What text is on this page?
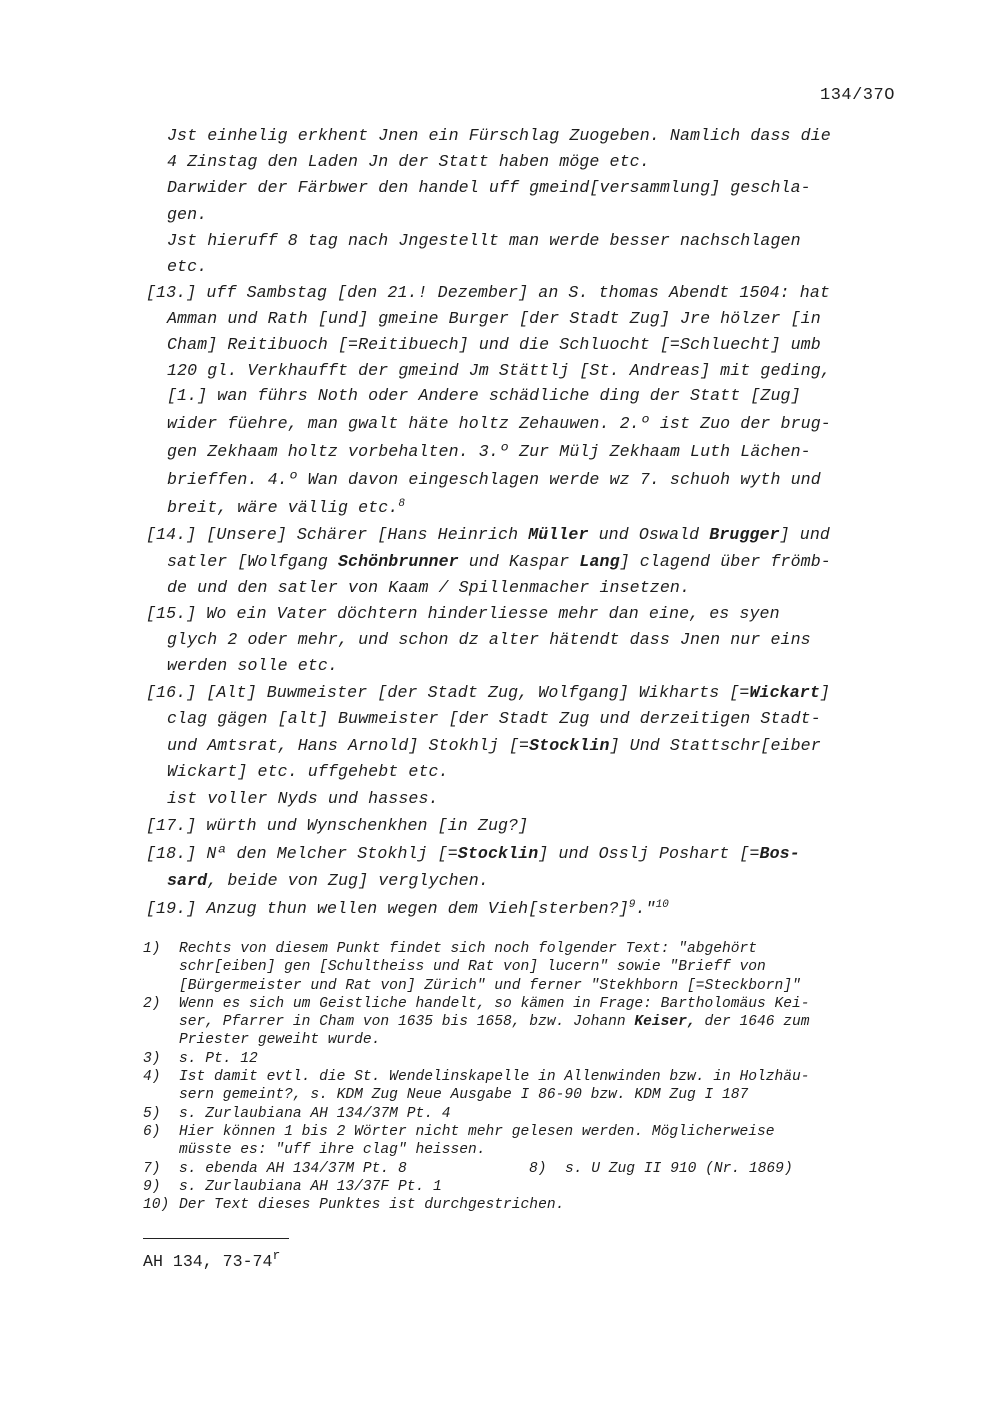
134/37O
Jst einhelig erkhent Jnen ein Fürschlag Zuogeben. Namlich dass die
4 Zinstag den Laden Jn der Statt haben möge etc.
Darwider der Färbwer den handel uff gmeind[versammlung] geschla-
gen.
Jst hieruff 8 tag nach Jngestellt man werde besser nachschlagen
etc.
[13.] uff Sambstag [den 21.! Dezember] an S. thomas Abendt 1504: hat
Amman und Rath [und] gmeine Burger [der Stadt Zug] Jre hölzer [in
Cham] Reitibuoch [=Reitibuech] und die Schluocht [=Schluecht] umb
120 gl. Verkhaufft der gmeind Jm Stättlj [St. Andreas] mit geding,
[1.] wan führs Noth oder Andere schädliche ding der Statt [Zug]
wider füehre, man gwalt häte holtz Zehauwen. 2.º ist Zuo der brug-
gen Zekhaam holtz vorbehalten. 3.º Zur Mülj Zekhaam Luth Lächen-
brieffen. 4.º Wan davon eingeschlagen werde wz 7. schuoh wyth und
breit, wäre vällig etc.$^8$
[14.] [Unsere] Schärer [Hans Heinrich Müller und Oswald Brugger] und
satler [Wolfgang Schönbrunner und Kaspar Lang] clagend über frömb-
de und den satler von Kaam / Spillenmacher insetzen.
[15.] Wo ein Vater döchtern hinderliesse mehr dan eine, es syen
glych 2 oder mehr, und schon dz alter hätendt dass Jnen nur eins
werden solle etc.
[16.] [Alt] Buwmeister [der Stadt Zug, Wolfgang] Wikharts [=Wickart]
clag gägen [alt] Buwmeister [der Stadt Zug und derzeitigen Stadt-
und Amtsrat, Hans Arnold] Stokhlj [=Stocklin] Und Stattschr[eiber
Wickart] etc. uffgehebt etc.
ist voller Nyds und hasses.
[17.] würth und Wynschenkhen [in Zug?]
[18.] Nª den Melcher Stokhlj [=Stocklin] und Osslj Poshart [=Bos-
sard, beide von Zug] verglychen.
[19.] Anzug thun wellen wegen dem Vieh[sterben?]$^9$."$^{10}$
1)	Rechts von diesem Punkt findet sich noch folgender Text: "abgehört
schr[eiben] gen [Schultheiss und Rat von] lucern" sowie "Brieff von
[Bürgermeister und Rat von] Zürich" und ferner "Stekhborn [=Steckborn]"
2)	Wenn es sich um Geistliche handelt, so kämen in Frage: Bartholomäus Kei-
ser, Pfarrer in Cham von 1635 bis 1658, bzw. Johann Keiser, der 1646 zum
Priester geweiht wurde.
3)	s. Pt. 12
4)	Ist damit evtl. die St. Wendelinskapelle in Allenwinden bzw. in Holzhäu-
sern gemeint?, s. KDM Zug Neue Ausgabe I 86-90 bzw. KDM Zug I 187
5)	s. Zurlaubiana AH 134/37M Pt. 4
6)	Hier können 1 bis 2 Wörter nicht mehr gelesen werden. Möglicherweise
müsste es: "uff ihre clag" heissen.
7)	s. ebenda AH 134/37M Pt. 8	8)	s. U Zug II 910 (Nr. 1869)
9)	s. Zurlaubiana AH 13/37F Pt. 1
10) Der Text dieses Punktes ist durchgestrichen.
AH 134, 73-74$^r$
